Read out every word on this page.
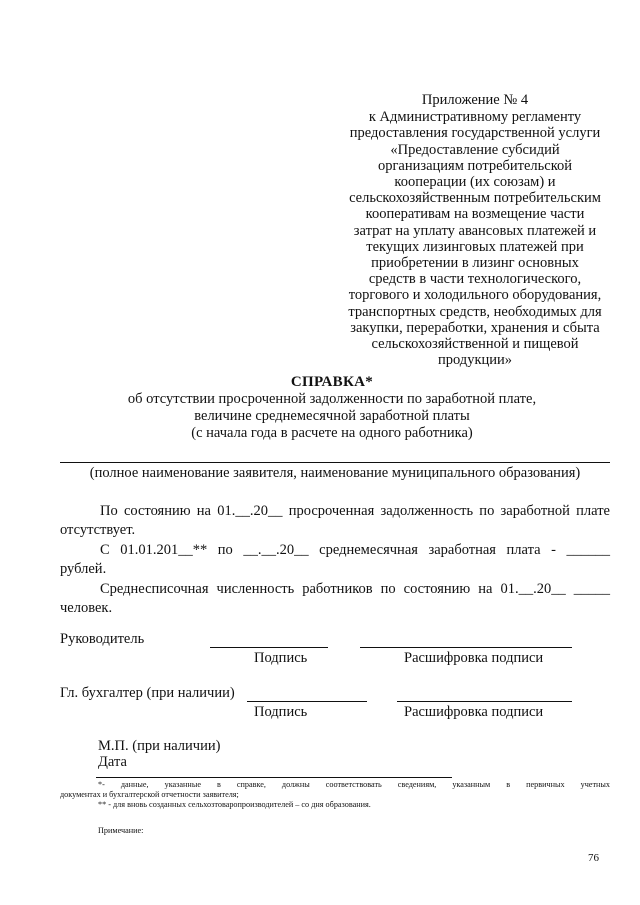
Приложение № 4
к Административному регламенту
предоставления государственной услуги
«Предоставление субсидий
организациям потребительской
кооперации (их союзам) и
сельскохозяйственным потребительским
кооперативам на возмещение части
затрат на уплату авансовых платежей и
текущих лизинговых платежей при
приобретении в лизинг основных
средств в части технологического,
торгового и холодильного оборудования,
транспортных средств, необходимых для
закупки, переработки, хранения и сбыта
сельскохозяйственной и пищевой
продукции»
СПРАВКА*
об отсутствии просроченной задолженности по заработной плате,
величине среднемесячной заработной платы
(с начала года в расчете на одного работника)
(полное наименование заявителя, наименование муниципального образования)
По состоянию на 01.__.20__ просроченная задолженность по заработной плате
отсутствует.
С 01.01.201__** по __.__.20__ среднемесячная заработная плата - ______
рублей.
Среднесписочная численность работников по состоянию на 01.__.20__ _____
человек.
Руководитель
Подпись	Расшифровка подписи
Гл. бухгалтер (при наличии)
Подпись	Расшифровка подписи
М.П. (при наличии)
Дата
*- данные, указанные в справке, должны соответствовать сведениям, указанным в первичных учетных
документах и бухгалтерской отчетности заявителя;
** - для вновь созданных сельхозтоваропроизводителей – со дня образования.
Примечание:
76
